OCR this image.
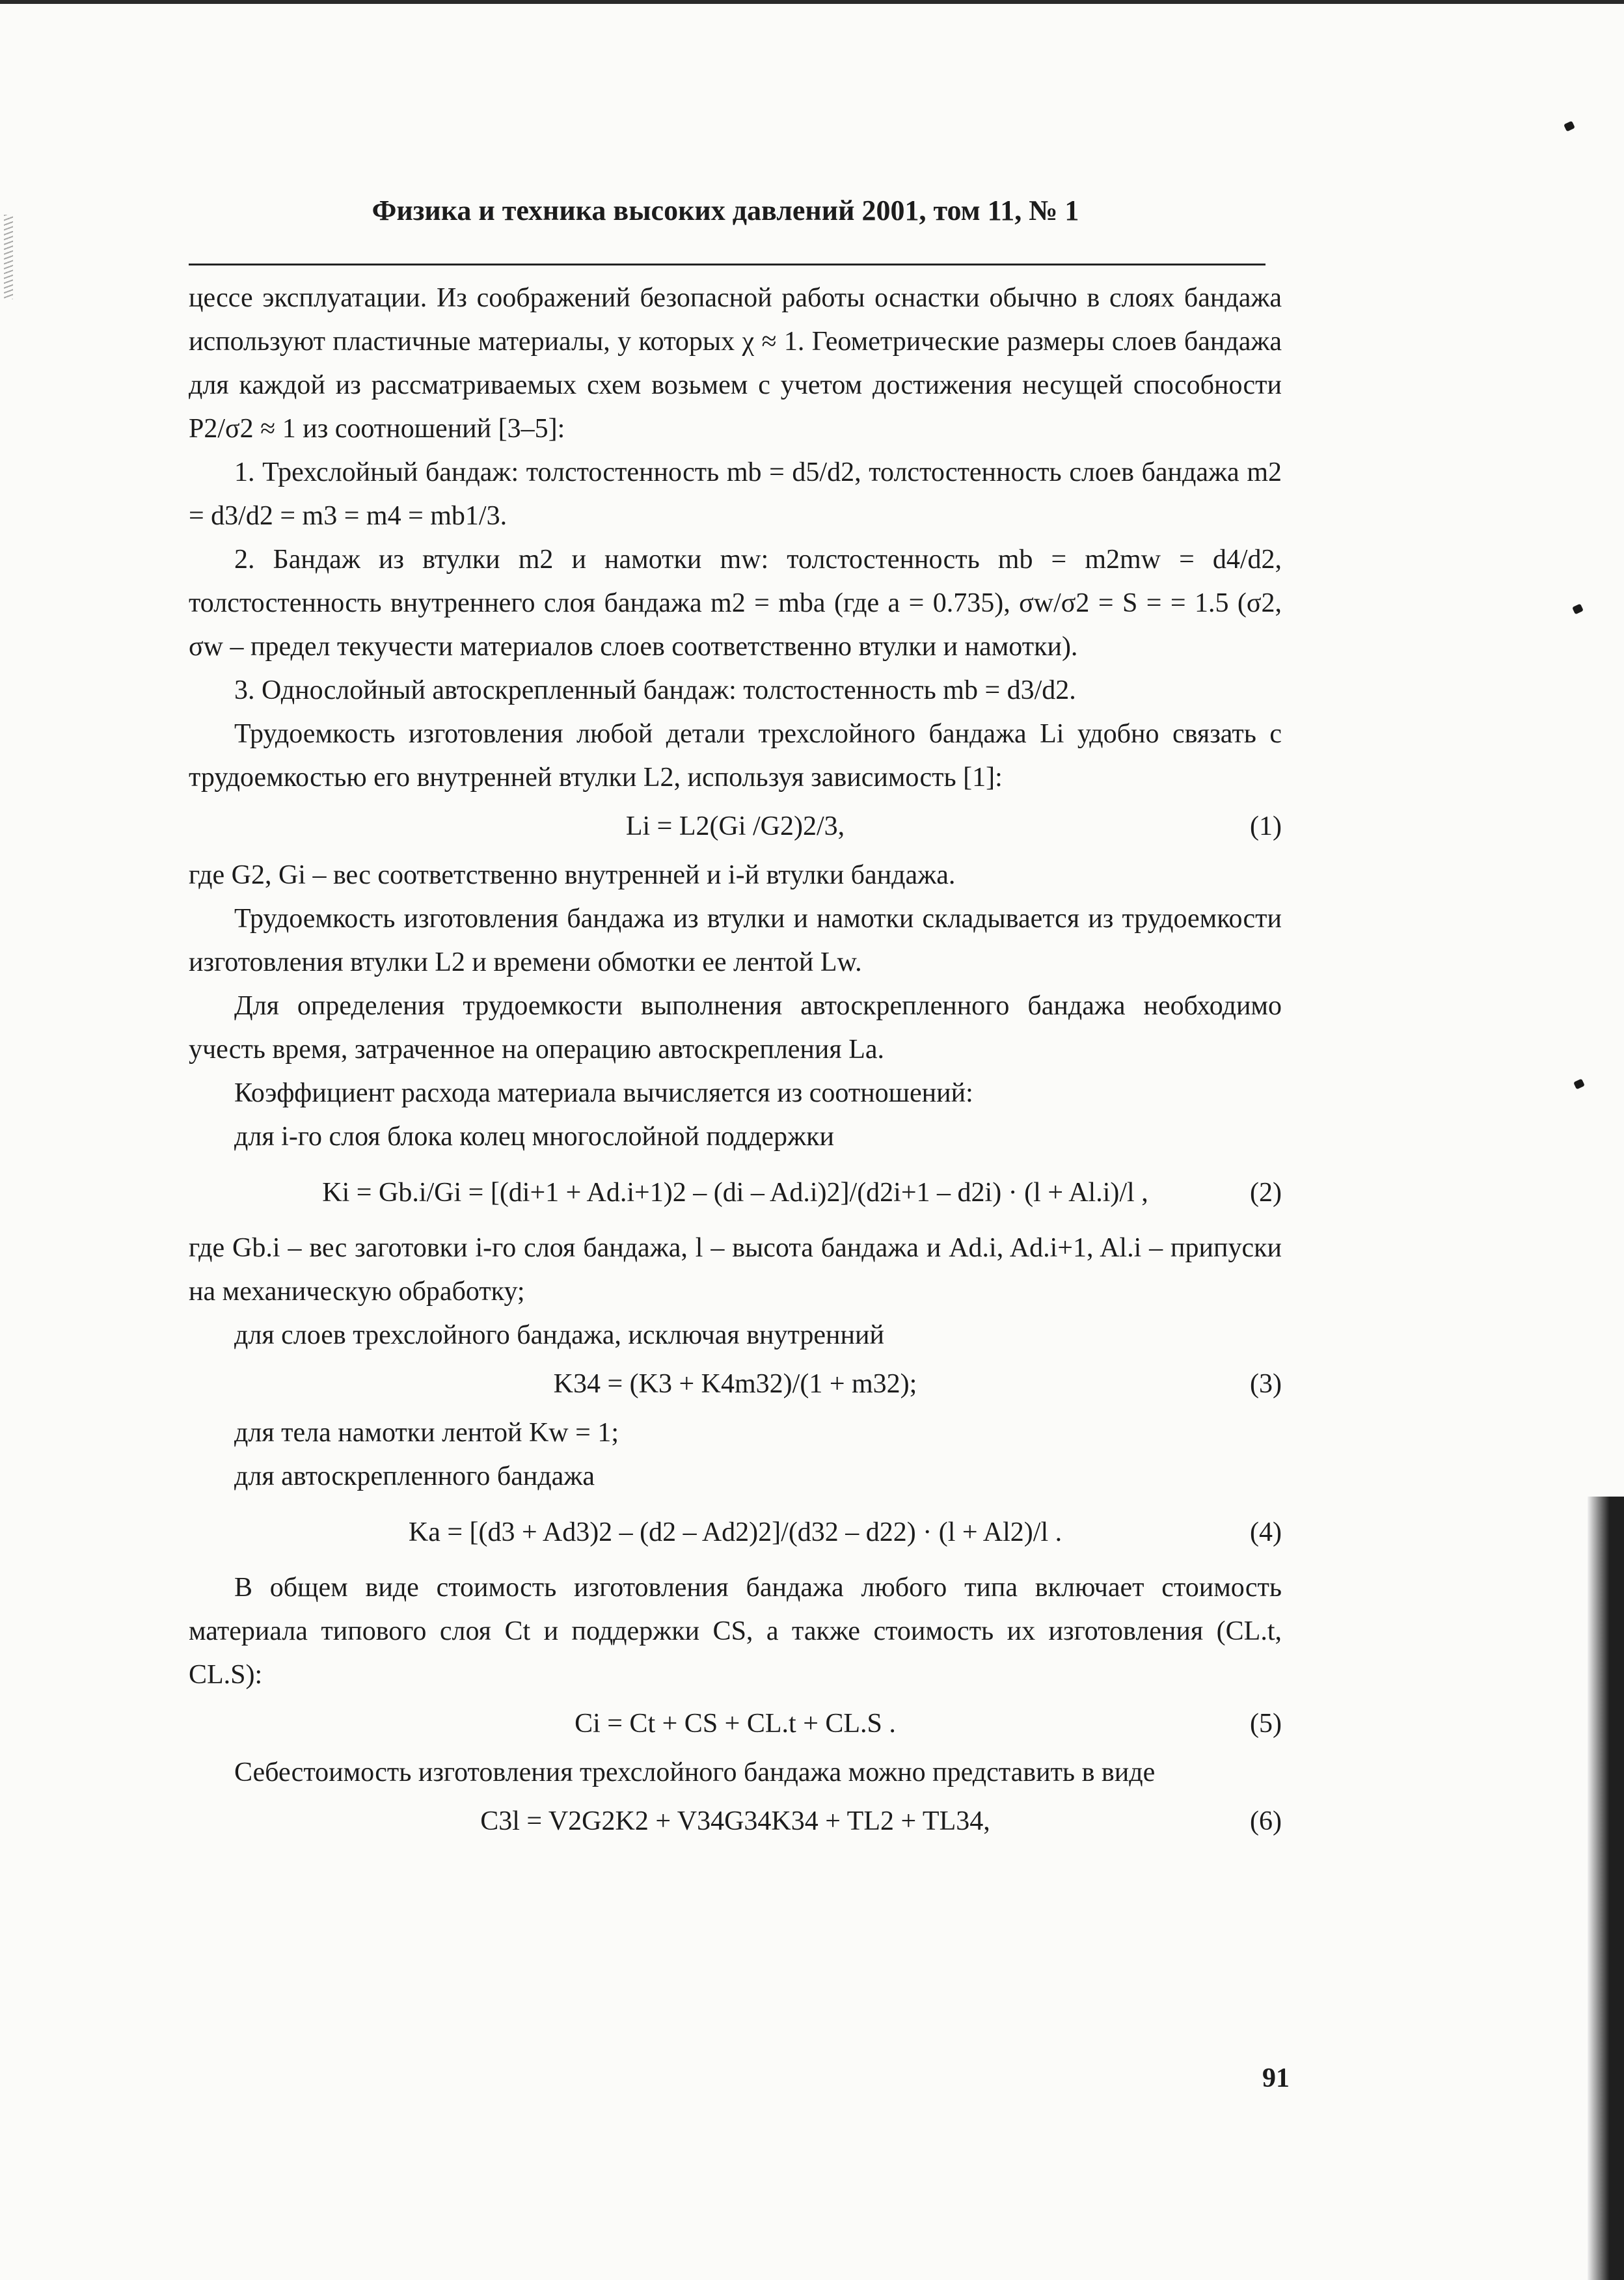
Физика и техника высоких давлений 2001, том 11, № 1

цессе эксплуатации. Из соображений безопасной работы оснастки обычно в слоях бандажа используют пластичные материалы, у которых χ ≈ 1. Геометрические размеры слоев бандажа для каждой из рассматриваемых схем возьмем с учетом достижения несущей способности P2/σ2 ≈ 1 из соотношений [3–5]:

1. Трехслойный бандаж: толстостенность mb = d5/d2, толстостенность слоев бандажа m2 = d3/d2 = m3 = m4 = mb1/3.

2. Бандаж из втулки m2 и намотки mw: толстостенность mb = m2mw = d4/d2, толстостенность внутреннего слоя бандажа m2 = mba (где a = 0.735), σw/σ2 = S = = 1.5 (σ2, σw – предел текучести материалов слоев соответственно втулки и намотки).

3. Однослойный автоскрепленный бандаж: толстостенность mb = d3/d2.

Трудоемкость изготовления любой детали трехслойного бандажа Li удобно связать с трудоемкостью его внутренней втулки L2, используя зависимость [1]:

Li = L2(Gi /G2)2/3,	(1)

где G2, Gi – вес соответственно внутренней и i-й втулки бандажа.

Трудоемкость изготовления бандажа из втулки и намотки складывается из трудоемкости изготовления втулки L2 и времени обмотки ее лентой Lw.

Для определения трудоемкости выполнения автоскрепленного бандажа необходимо учесть время, затраченное на операцию автоскрепления La.

Коэффициент расхода материала вычисляется из соотношений:

для i-го слоя блока колец многослойной поддержки

Ki = Gb.i/Gi = [(di+1 + Ad.i+1)2 – (di – Ad.i)2]/(d2i+1 – d2i) · (l + Al.i)/l ,	(2)

где Gb.i – вес заготовки i-го слоя бандажа, l – высота бандажа и Ad.i, Ad.i+1, Al.i – припуски на механическую обработку;

для слоев трехслойного бандажа, исключая внутренний

K34 = (K3 + K4m32)/(1 + m32);	(3)

для тела намотки лентой Kw = 1;

для автоскрепленного бандажа

Ka = [(d3 + Ad3)2 – (d2 – Ad2)2]/(d32 – d22) · (l + Al2)/l .	(4)

В общем виде стоимость изготовления бандажа любого типа включает стоимость материала типового слоя Ct и поддержки CS, а также стоимость их изготовления (CL.t, CL.S):

Ci = Ct + CS + CL.t + CL.S .	(5)

Себестоимость изготовления трехслойного бандажа можно представить в виде

C3l = V2G2K2 + V34G34K34 + TL2 + TL34,	(6)
91
